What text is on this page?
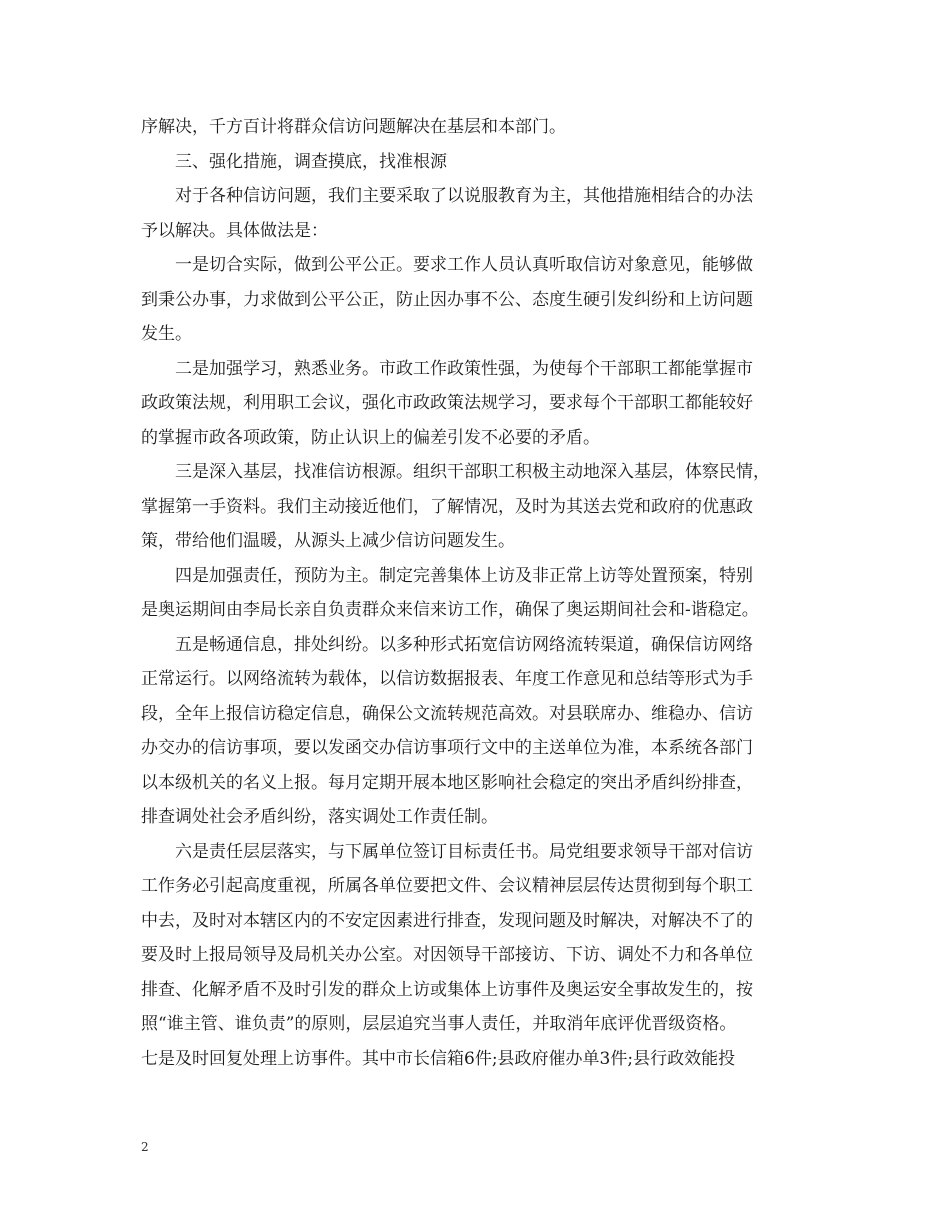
序解决，千方百计将群众信访问题解决在基层和本部门。
三、强化措施，调查摸底，找准根源
对于各种信访问题，我们主要采取了以说服教育为主，其他措施相结合的办法
予以解决。具体做法是：
一是切合实际，做到公平公正。要求工作人员认真听取信访对象意见，能够做
到秉公办事，力求做到公平公正，防止因办事不公、态度生硬引发纠纷和上访问题
发生。
二是加强学习，熟悉业务。市政工作政策性强，为使每个干部职工都能掌握市
政政策法规，利用职工会议，强化市政政策法规学习，要求每个干部职工都能较好
的掌握市政各项政策，防止认识上的偏差引发不必要的矛盾。
三是深入基层，找准信访根源。组织干部职工积极主动地深入基层，体察民情，
掌握第一手资料。我们主动接近他们，了解情况，及时为其送去党和政府的优惠政
策，带给他们温暖，从源头上减少信访问题发生。
四是加强责任，预防为主。制定完善集体上访及非正常上访等处置预案，特别
是奥运期间由李局长亲自负责群众来信来访工作，确保了奥运期间社会和-谐稳定。
五是畅通信息，排处纠纷。以多种形式拓宽信访网络流转渠道，确保信访网络
正常运行。以网络流转为载体，以信访数据报表、年度工作意见和总结等形式为手
段，全年上报信访稳定信息，确保公文流转规范高效。对县联席办、维稳办、信访
办交办的信访事项，要以发函交办信访事项行文中的主送单位为准，本系统各部门
以本级机关的名义上报。每月定期开展本地区影响社会稳定的突出矛盾纠纷排查，
排查调处社会矛盾纠纷，落实调处工作责任制。
六是责任层层落实，与下属单位签订目标责任书。局党组要求领导干部对信访
工作务必引起高度重视，所属各单位要把文件、会议精神层层传达贯彻到每个职工
中去，及时对本辖区内的不安定因素进行排查，发现问题及时解决，对解决不了的
要及时上报局领导及局机关办公室。对因领导干部接访、下访、调处不力和各单位
排查、化解矛盾不及时引发的群众上访或集体上访事件及奥运安全事故发生的，按
照“谁主管、谁负责”的原则，层层追究当事人责任，并取消年底评优晋级资格。
七是及时回复处理上访事件。其中市长信箱6件;县政府催办单3件;县行政效能投
2
